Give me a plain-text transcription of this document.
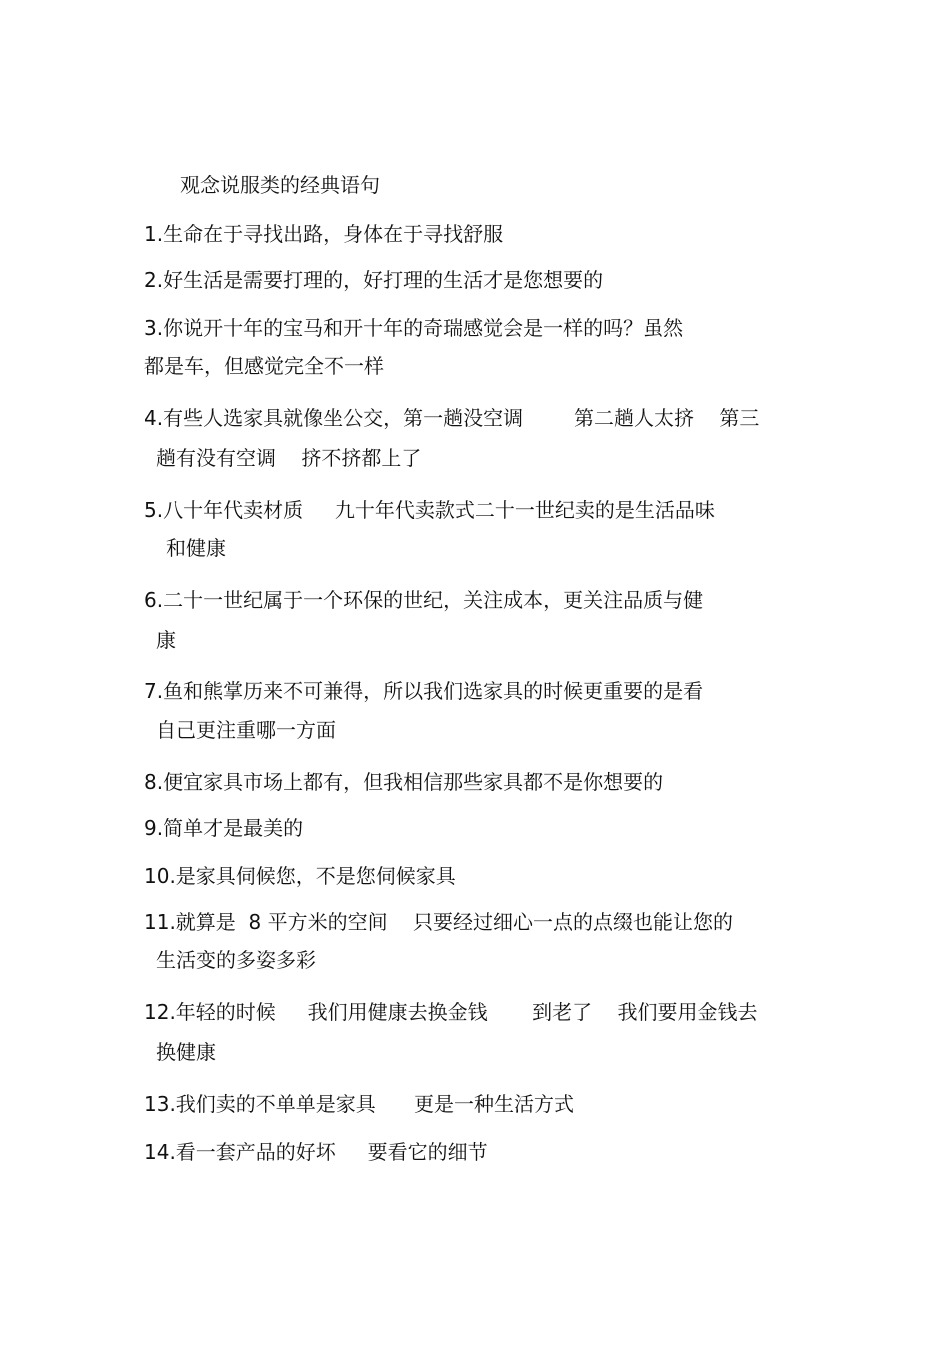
观念说服类的经典语句
1.生命在于寻找出路，身体在于寻找舒服
2.好生活是需要打理的，好打理的生活才是您想要的
3.你说开十年的宝马和开十年的奇瑞感觉会是一样的吗？虽然
都是车，但感觉完全不一样
4.有些人选家具就像坐公交，第一趟没空调        第二趟人太挤    第三
趟有没有空调    挤不挤都上了
5.八十年代卖材质     九十年代卖款式二十一世纪卖的是生活品味
和健康
6.二十一世纪属于一个环保的世纪，关注成本，更关注品质与健
康
7.鱼和熊掌历来不可兼得，所以我们选家具的时候更重要的是看
自己更注重哪一方面
8.便宜家具市场上都有，但我相信那些家具都不是你想要的
9.简单才是最美的
10.是家具伺候您，不是您伺候家具
11.就算是  8 平方米的空间    只要经过细心一点的点缀也能让您的
生活变的多姿多彩
12.年轻的时候     我们用健康去换金钱       到老了    我们要用金钱去
换健康
13.我们卖的不单单是家具      更是一种生活方式
14.看一套产品的好坏     要看它的细节
